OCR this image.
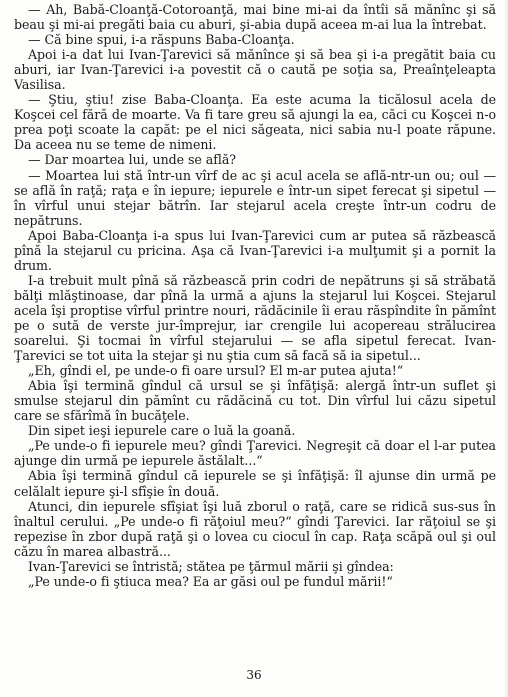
— Ah, Babă-Cloanţă-Cotoroanţă, mai bine mi-ai da întîi să mănînc şi să beau şi mi-ai pregăti baia cu aburi, şi-abia după aceea m-ai lua la întrebat.

— Că bine spui, i-a răspuns Baba-Cloanţa.

Apoi i-a dat lui Ivan-Ţarevici să mănînce şi să bea şi i-a pregătit baia cu aburi, iar Ivan-Ţarevici i-a povestit că o caută pe soţia sa, Preaînţeleapta Vasilisa.

— Ştiu, ştiu! zise Baba-Cloanţa. Ea este acuma la ticălosul acela de Koşcei cel fără de moarte. Va fi tare greu să ajungi la ea, căci cu Koşcei n-o prea poţi scoate la capăt: pe el nici săgeata, nici sabia nu-l poate răpune. Da aceea nu se teme de nimeni.

— Dar moartea lui, unde se află?

— Moartea lui stă într-un vîrf de ac şi acul acela se află-ntr-un ou; oul — se află în raţă; raţa e în iepure; iepurele e într-un sipet ferecat şi sipetul — în vîrful unui stejar bătrîn. Iar stejarul acela creşte într-un codru de nepătruns.

Apoi Baba-Cloanţa i-a spus lui Ivan-Ţarevici cum ar putea să răzbească pînă la stejarul cu pricina. Aşa că Ivan-Ţarevici i-a mulţumit şi a pornit la drum.

I-a trebuit mult pînă să răzbească prin codri de nepătruns şi să străbată bălţi mlăştinoase, dar pînă la urmă a ajuns la stejarul lui Koşcei. Stejarul acela îşi proptise vîrful printre nouri, rădăcinile îi erau răspîndite în pămînt pe o sută de verste jur-împrejur, iar crengile lui acopereau strălucirea soarelui. Şi tocmai în vîrful stejarului — se afla sipetul ferecat. Ivan-Ţarevici se tot uita la stejar şi nu ştia cum să facă să ia sipetul...

„Eh, gîndi el, pe unde-o fi oare ursul? El m-ar putea ajuta!“

Abia îşi termină gîndul că ursul se şi înfăţişă: alergă într-un suflet şi smulse stejarul din pămînt cu rădăcină cu tot. Din vîrful lui căzu sipetul care se sfărîmă în bucăţele.

Din sipet ieşi iepurele care o luă la goană.

„Pe unde-o fi iepurele meu? gîndi Ţarevici. Negreşit că doar el l-ar putea ajunge din urmă pe iepurele ăstălalt...“

Abia îşi termină gîndul că iepurele se şi înfăţişă: îl ajunse din urmă pe celălalt iepure şi-l sfîşie în două.

Atunci, din iepurele sfîşiat îşi luă zborul o raţă, care se ridică sus-sus în înaltul cerului. „Pe unde-o fi răţoiul meu?“ gîndi Ţarevici. Iar răţoiul se şi repezise în zbor după raţă şi o lovea cu ciocul în cap. Raţa scăpă oul şi oul căzu în marea albastră...

Ivan-Ţarevici se întristă; stătea pe ţărmul mării şi gîndea:

„Pe unde-o fi ştiuca mea? Ea ar găsi oul pe fundul mării!“

36
